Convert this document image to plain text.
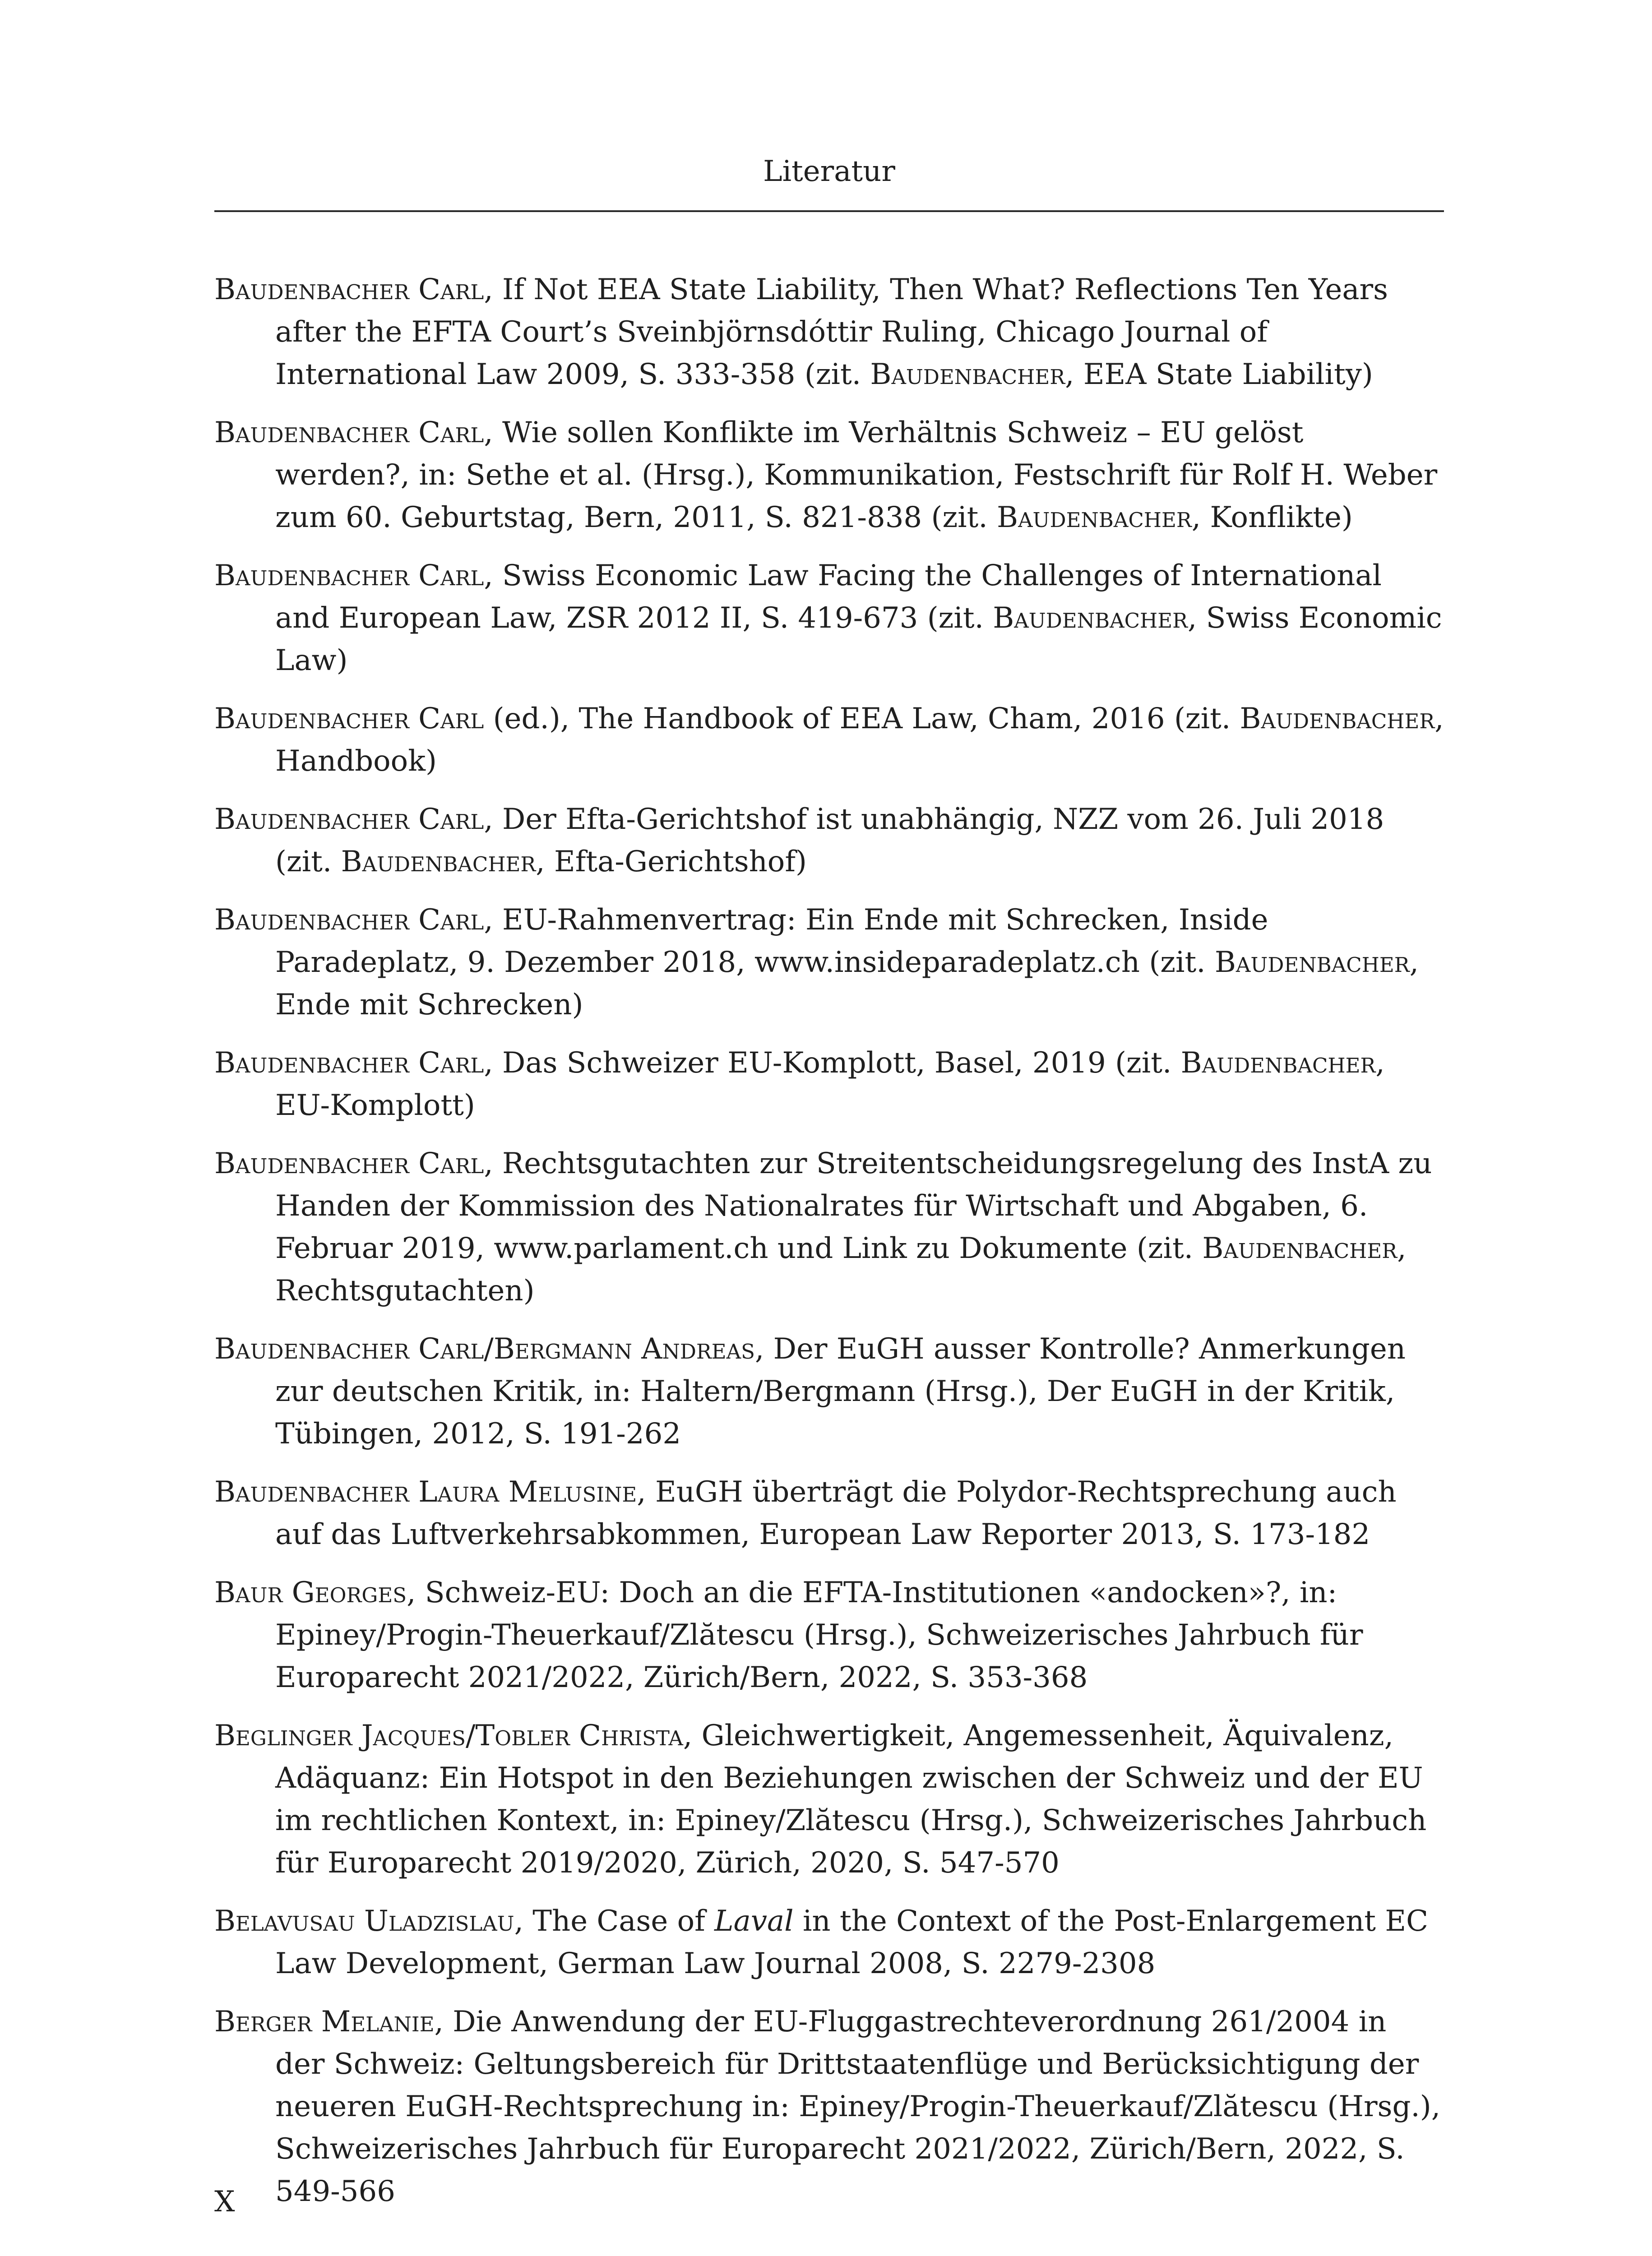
Literatur
Baudenbacher Carl, If Not EEA State Liability, Then What? Reflections Ten Years after the EFTA Court’s Sveinbjörnsdóttir Ruling, Chicago Journal of International Law 2009, S. 333-358 (zit. Baudenbacher, EEA State Liability)
Baudenbacher Carl, Wie sollen Konflikte im Verhältnis Schweiz – EU gelöst werden?, in: Sethe et al. (Hrsg.), Kommunikation, Festschrift für Rolf H. Weber zum 60. Geburtstag, Bern, 2011, S. 821-838 (zit. Baudenbacher, Konflikte)
Baudenbacher Carl, Swiss Economic Law Facing the Challenges of International and European Law, ZSR 2012 II, S. 419-673 (zit. Baudenbacher, Swiss Economic Law)
Baudenbacher Carl (ed.), The Handbook of EEA Law, Cham, 2016 (zit. Baudenbacher, Handbook)
Baudenbacher Carl, Der Efta-Gerichtshof ist unabhängig, NZZ vom 26. Juli 2018 (zit. Baudenbacher, Efta-Gerichtshof)
Baudenbacher Carl, EU-Rahmenvertrag: Ein Ende mit Schrecken, Inside Paradeplatz, 9. Dezember 2018, www.insideparadeplatz.ch (zit. Baudenbacher, Ende mit Schrecken)
Baudenbacher Carl, Das Schweizer EU-Komplott, Basel, 2019 (zit. Baudenbacher, EU-Komplott)
Baudenbacher Carl, Rechtsgutachten zur Streitentscheidungsregelung des InstA zu Handen der Kommission des Nationalrates für Wirtschaft und Abgaben, 6. Februar 2019, www.parlament.ch und Link zu Dokumente (zit. Baudenbacher, Rechtsgutachten)
Baudenbacher Carl/Bergmann Andreas, Der EuGH ausser Kontrolle? Anmerkungen zur deutschen Kritik, in: Haltern/Bergmann (Hrsg.), Der EuGH in der Kritik, Tübingen, 2012, S. 191-262
Baudenbacher Laura Melusine, EuGH überträgt die Polydor-Rechtsprechung auch auf das Luftverkehrsabkommen, European Law Reporter 2013, S. 173-182
Baur Georges, Schweiz-EU: Doch an die EFTA-Institutionen «andocken»?, in: Epiney/Progin-Theuerkauf/Zlătescu (Hrsg.), Schweizerisches Jahrbuch für Europarecht 2021/2022, Zürich/Bern, 2022, S. 353-368
Beglinger Jacques/Tobler Christa, Gleichwertigkeit, Angemessenheit, Äquivalenz, Adäquanz: Ein Hotspot in den Beziehungen zwischen der Schweiz und der EU im rechtlichen Kontext, in: Epiney/Zlătescu (Hrsg.), Schweizerisches Jahrbuch für Europarecht 2019/2020, Zürich, 2020, S. 547-570
Belavusau Uladzislau, The Case of Laval in the Context of the Post-Enlargement EC Law Development, German Law Journal 2008, S. 2279-2308
Berger Melanie, Die Anwendung der EU-Fluggastrechteverordnung 261/2004 in der Schweiz: Geltungsbereich für Drittstaatenflüge und Berücksichtigung der neueren EuGH-Rechtsprechung in: Epiney/Progin-Theuerkauf/Zlătescu (Hrsg.), Schweizerisches Jahrbuch für Europarecht 2021/2022, Zürich/Bern, 2022, S. 549-566
X
